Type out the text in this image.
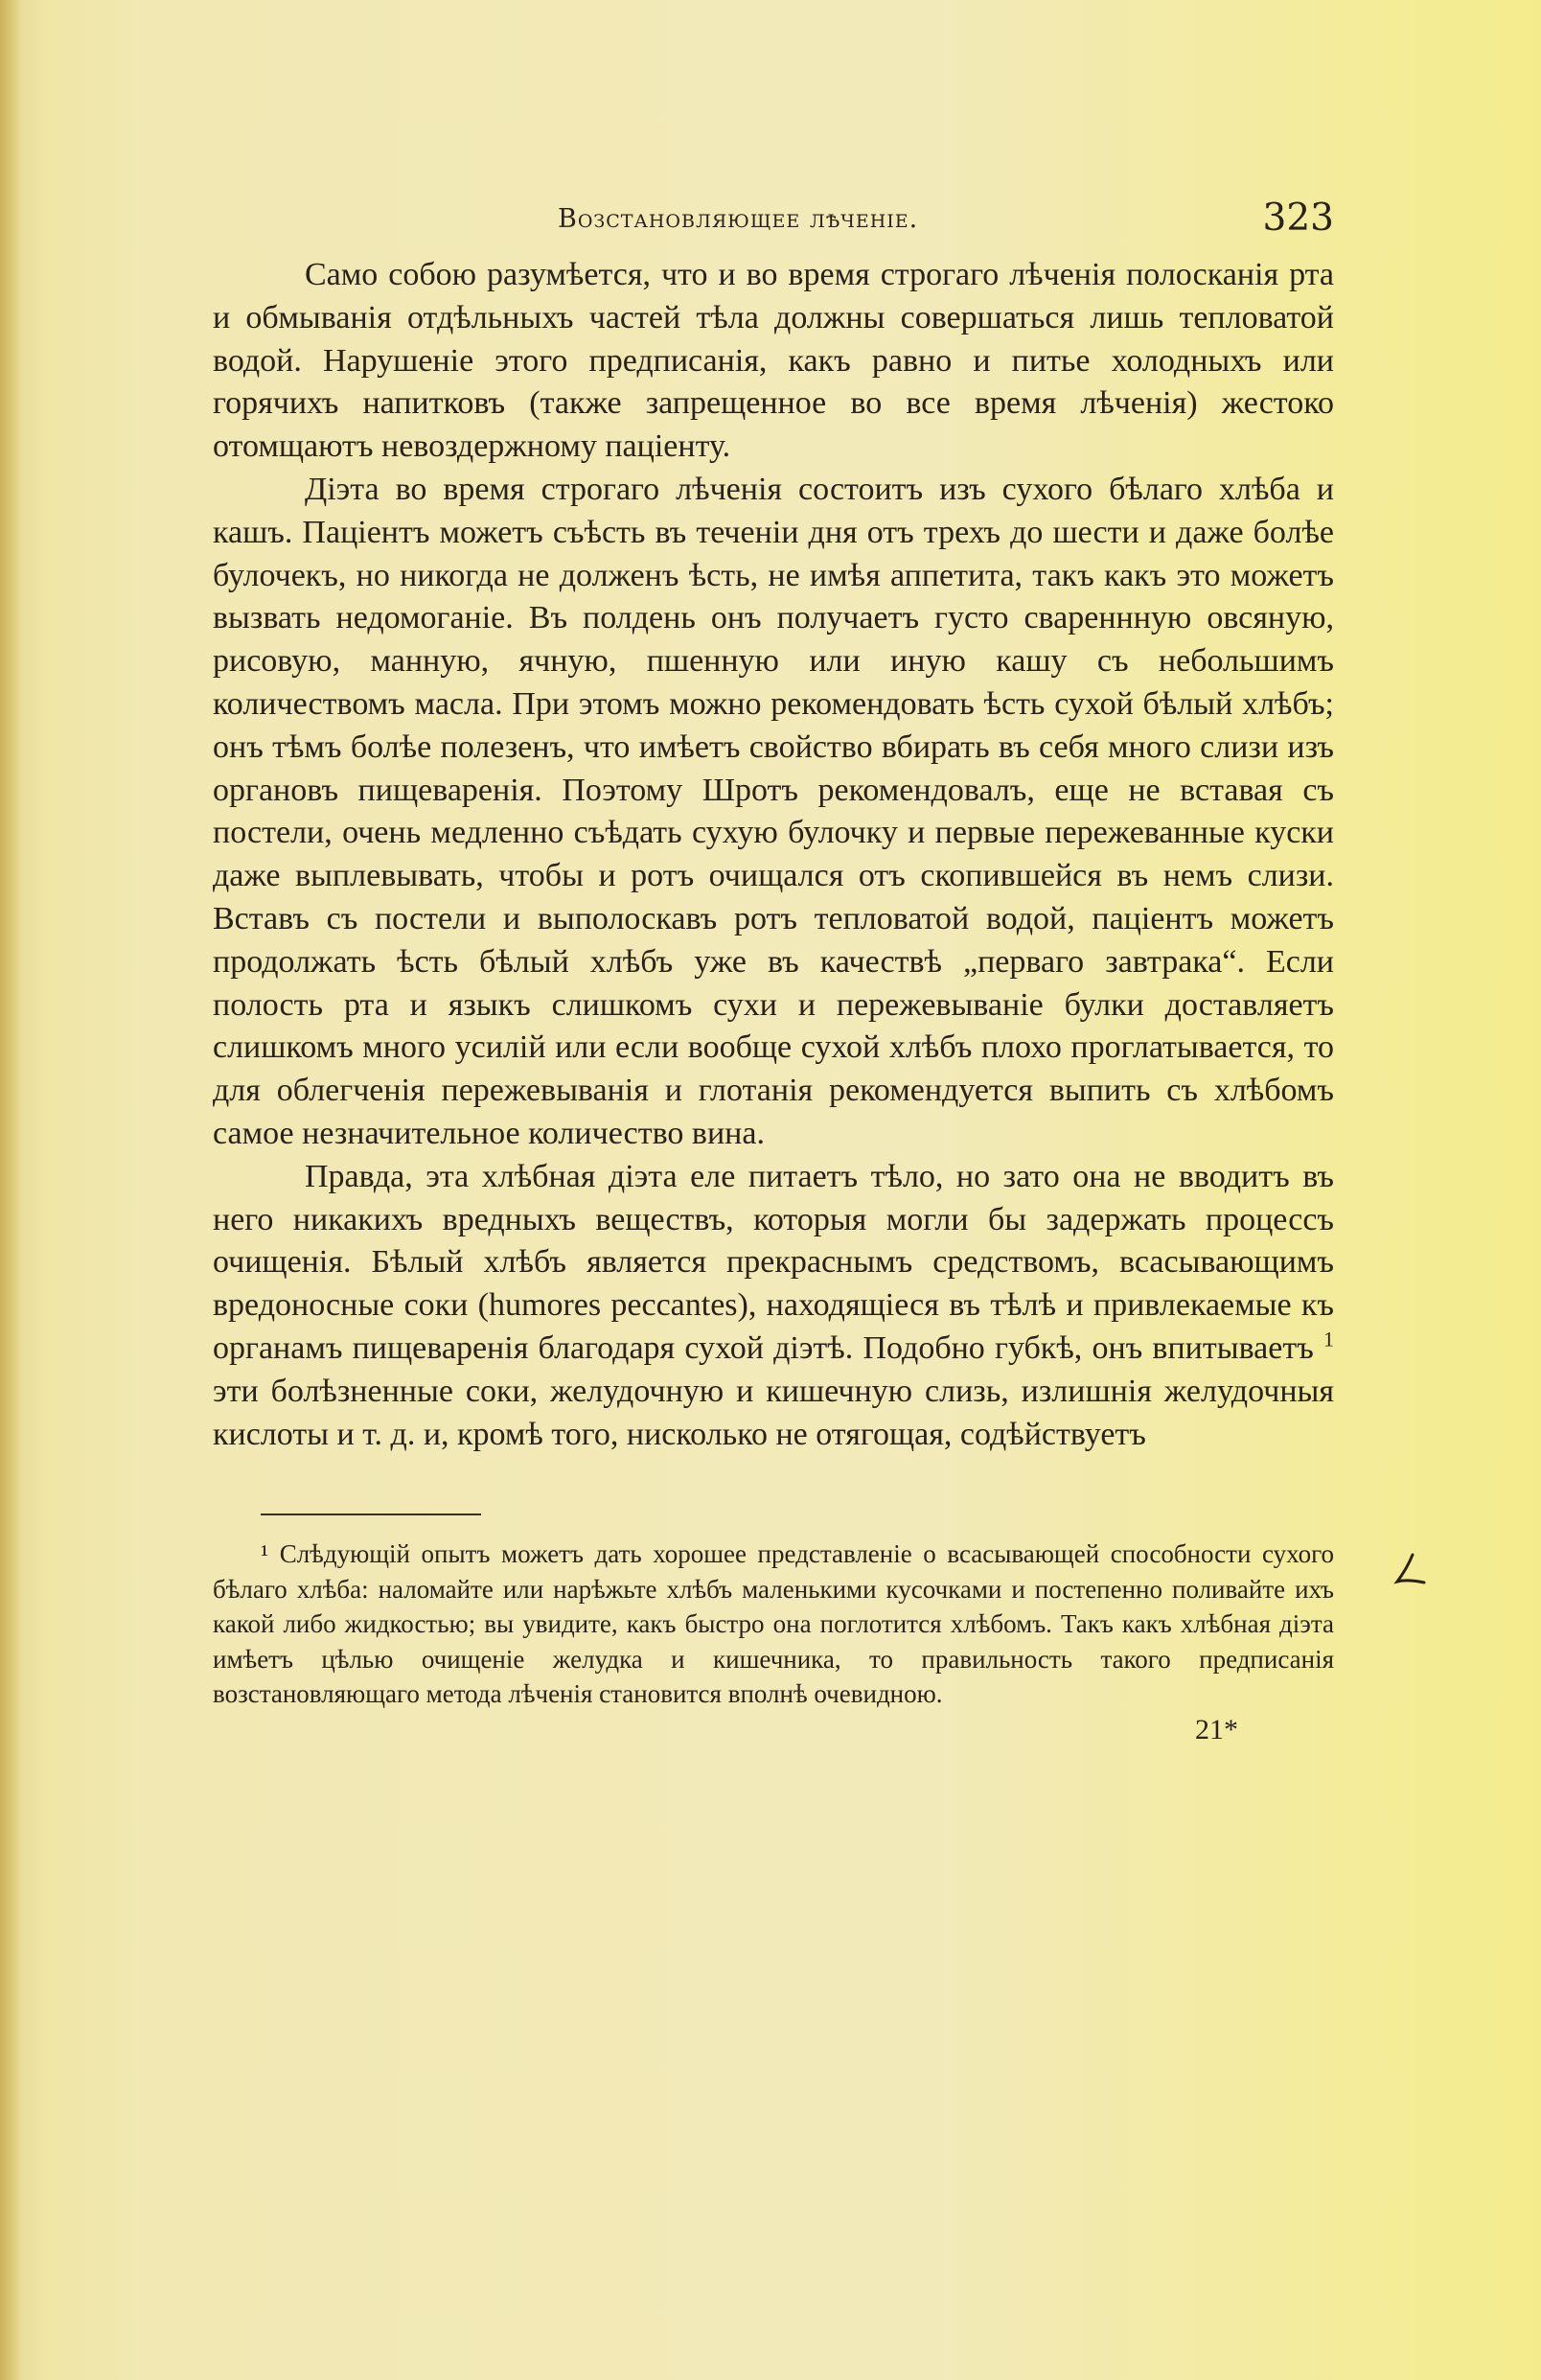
Возстановляющее лѣченіе.	323

Само собою разумѣется, что и во время строгаго лѣченія полосканія рта и обмыванія отдѣльныхъ частей тѣла должны совершаться лишь тепловатой водой. Нарушеніе этого предписанія, какъ равно и питье холодныхъ или горячихъ напитковъ (также запрещенное во все время лѣченія) жестоко отомщаютъ невоздержному паціенту.

Діэта во время строгаго лѣченія состоитъ изъ сухого бѣлаго хлѣба и кашъ. Паціентъ можетъ съѣсть въ теченіи дня отъ трехъ до шести и даже болѣе булочекъ, но никогда не долженъ ѣсть, не имѣя аппетита, такъ какъ это можетъ вызвать недомоганіе. Въ полдень онъ получаетъ густо свареннную овсяную, рисовую, манную, ячную, пшенную или иную кашу съ небольшимъ количествомъ масла. При этомъ можно рекомендовать ѣсть сухой бѣлый хлѣбъ; онъ тѣмъ болѣе полезенъ, что имѣетъ свойство вбирать въ себя много слизи изъ органовъ пищеваренія. Поэтому Шротъ рекомендовалъ, еще не вставая съ постели, очень медленно съѣдать сухую булочку и первые пережеванные куски даже выплевывать, чтобы и ротъ очищался отъ скопившейся въ немъ слизи. Вставъ съ постели и выполоскавъ ротъ тепловатой водой, паціентъ можетъ продолжать ѣсть бѣлый хлѣбъ уже въ качествѣ „перваго завтрака“. Если полость рта и языкъ слишкомъ сухи и пережевываніе булки доставляетъ слишкомъ много усилій или если вообще сухой хлѣбъ плохо проглатывается, то для облегченія пережевыванія и глотанія рекомендуется выпить съ хлѣбомъ самое незначительное количество вина.

Правда, эта хлѣбная діэта еле питаетъ тѣло, но зато она не вводитъ въ него никакихъ вредныхъ веществъ, которыя могли бы задержать процессъ очищенія. Бѣлый хлѣбъ является прекраснымъ средствомъ, всасывающимъ вредоносные соки (humores peccantes), находящіеся въ тѣлѣ и привлекаемые къ органамъ пищеваренія благодаря сухой діэтѣ. Подобно губкѣ, онъ впитываетъ $^1$ эти болѣзненные соки, желудочную и кишечную слизь, излишнія желудочныя кислоты и т. д. и, кромѣ того, нисколько не отягощая, содѣйствуетъ

¹ Слѣдующій опытъ можетъ дать хорошее представленіе о всасывающей способности сухого бѣлаго хлѣба: наломайте или нарѣжьте хлѣбъ маленькими кусочками и постепенно поливайте ихъ какой либо жидкостью; вы увидите, какъ быстро она поглотится хлѣбомъ. Такъ какъ хлѣбная діэта имѣетъ цѣлью очищеніе желудка и кишечника, то правильность такого предписанія возстановляющаго метода лѣченія становится вполнѣ очевидною.

21*
